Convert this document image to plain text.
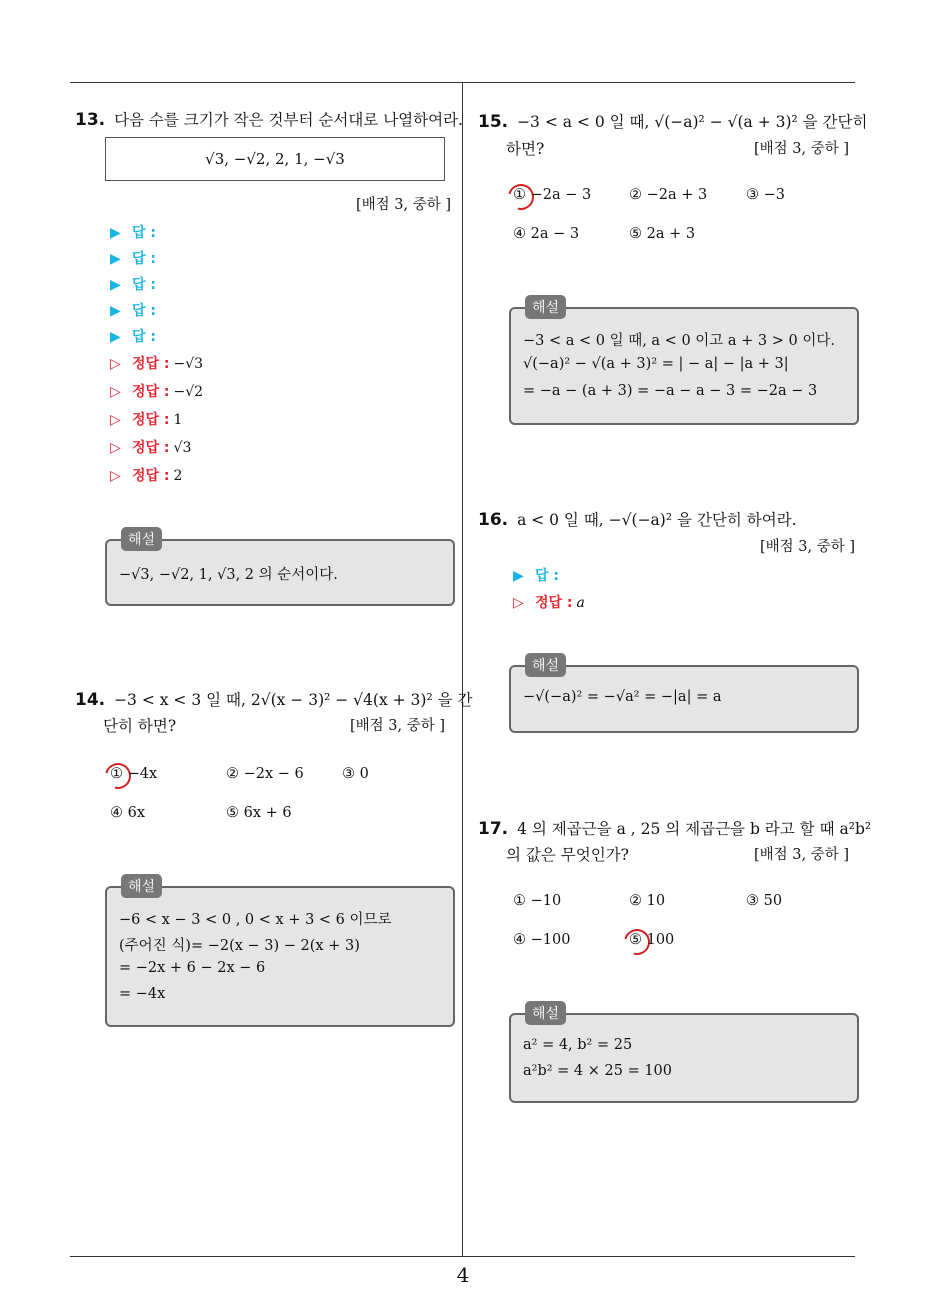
4
13. 다음 수를 크기가 작은 것부터 순서대로 나열하여라.
√3, −√2, 2, 1, −√3
[배점 3, 중하 ]
▶ 답 :
▶ 답 :
▶ 답 :
▶ 답 :
▶ 답 :
▷ 정답 : −√3
▷ 정답 : −√2
▷ 정답 : 1
▷ 정답 : √3
▷ 정답 : 2
해설
−√3, −√2, 1, √3, 2 의 순서이다.
14. −3 < x < 3 일 때, 2√(x − 3)² − √4(x + 3)² 을 간
단히 하면?	[배점 3, 중하 ]
① −4x	② −2x − 6	③ 0
④ 6x	⑤ 6x + 6
해설
−6 < x − 3 < 0 , 0 < x + 3 < 6 이므로
(주어진 식)= −2(x − 3) − 2(x + 3)
= −2x + 6 − 2x − 6
= −4x
15. −3 < a < 0 일 때, √(−a)² − √(a + 3)² 을 간단히
하면?	[배점 3, 중하 ]
① −2a − 3	② −2a + 3	③ −3
④ 2a − 3	⑤ 2a + 3
해설
−3 < a < 0 일 때, a < 0 이고 a + 3 > 0 이다.
√(−a)² − √(a + 3)² = | − a| − |a + 3|
= −a − (a + 3) = −a − a − 3 = −2a − 3
16. a < 0 일 때, −√(−a)² 을 간단히 하여라.
[배점 3, 중하 ]
▶ 답 :
▷ 정답 : a
해설
−√(−a)² = −√a² = −|a| = a
17. 4 의 제곱근을 a , 25 의 제곱근을 b 라고 할 때 a²b²
의 값은 무엇인가?	[배점 3, 중하 ]
① −10	② 10	③ 50
④ −100	⑤ 100
해설
a² = 4, b² = 25
a²b² = 4 × 25 = 100
